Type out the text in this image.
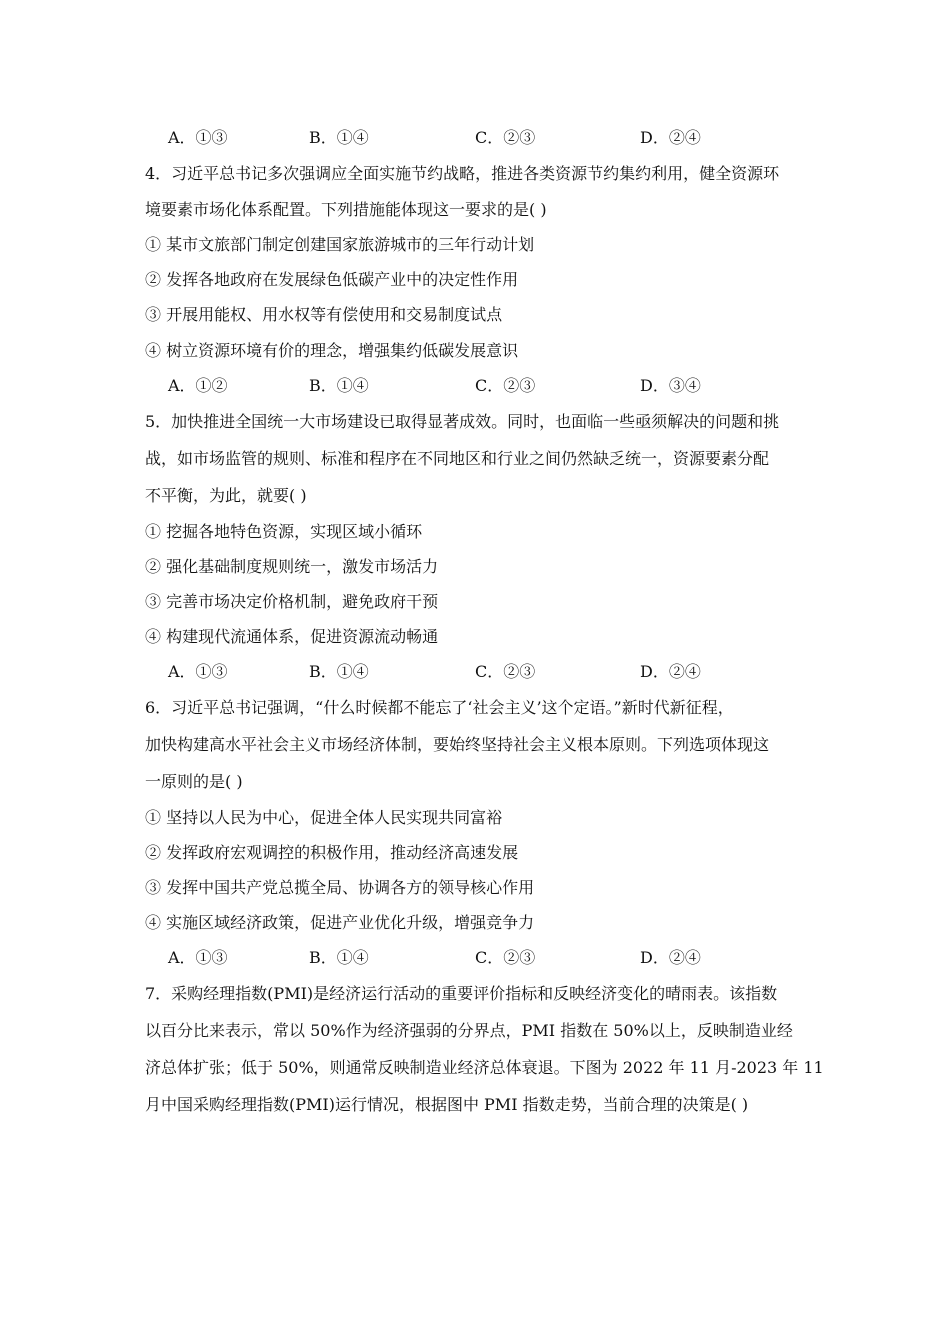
A．①③	B．①④	C．②③	D．②④
4．习近平总书记多次强调应全面实施节约战略，推进各类资源节约集约利用，健全资源环
境要素市场化体系配置。下列措施能体现这一要求的是( )
① 某市文旅部门制定创建国家旅游城市的三年行动计划
② 发挥各地政府在发展绿色低碳产业中的决定性作用
③ 开展用能权、用水权等有偿使用和交易制度试点
④ 树立资源环境有价的理念，增强集约低碳发展意识
A．①②	B．①④	C．②③	D．③④
5．加快推进全国统一大市场建设已取得显著成效。同时，也面临一些亟须解决的问题和挑
战，如市场监管的规则、标准和程序在不同地区和行业之间仍然缺乏统一，资源要素分配
不平衡，为此，就要( )
① 挖掘各地特色资源，实现区域小循环
② 强化基础制度规则统一，激发市场活力
③ 完善市场决定价格机制，避免政府干预
④ 构建现代流通体系，促进资源流动畅通
A．①③	B．①④	C．②③	D．②④
6．习近平总书记强调，“什么时候都不能忘了‘社会主义’这个定语。”新时代新征程，
加快构建高水平社会主义市场经济体制，要始终坚持社会主义根本原则。下列选项体现这
一原则的是( )
① 坚持以人民为中心，促进全体人民实现共同富裕
② 发挥政府宏观调控的积极作用，推动经济高速发展
③ 发挥中国共产党总揽全局、协调各方的领导核心作用
④ 实施区域经济政策，促进产业优化升级，增强竞争力
A．①③	B．①④	C．②③	D．②④
7．采购经理指数(PMI)是经济运行活动的重要评价指标和反映经济变化的晴雨表。该指数
以百分比来表示，常以 50%作为经济强弱的分界点，PMI 指数在 50%以上，反映制造业经
济总体扩张；低于 50%，则通常反映制造业经济总体衰退。下图为 2022 年 11 月-2023 年 11
月中国采购经理指数(PMI)运行情况，根据图中 PMI 指数走势，当前合理的决策是( )
